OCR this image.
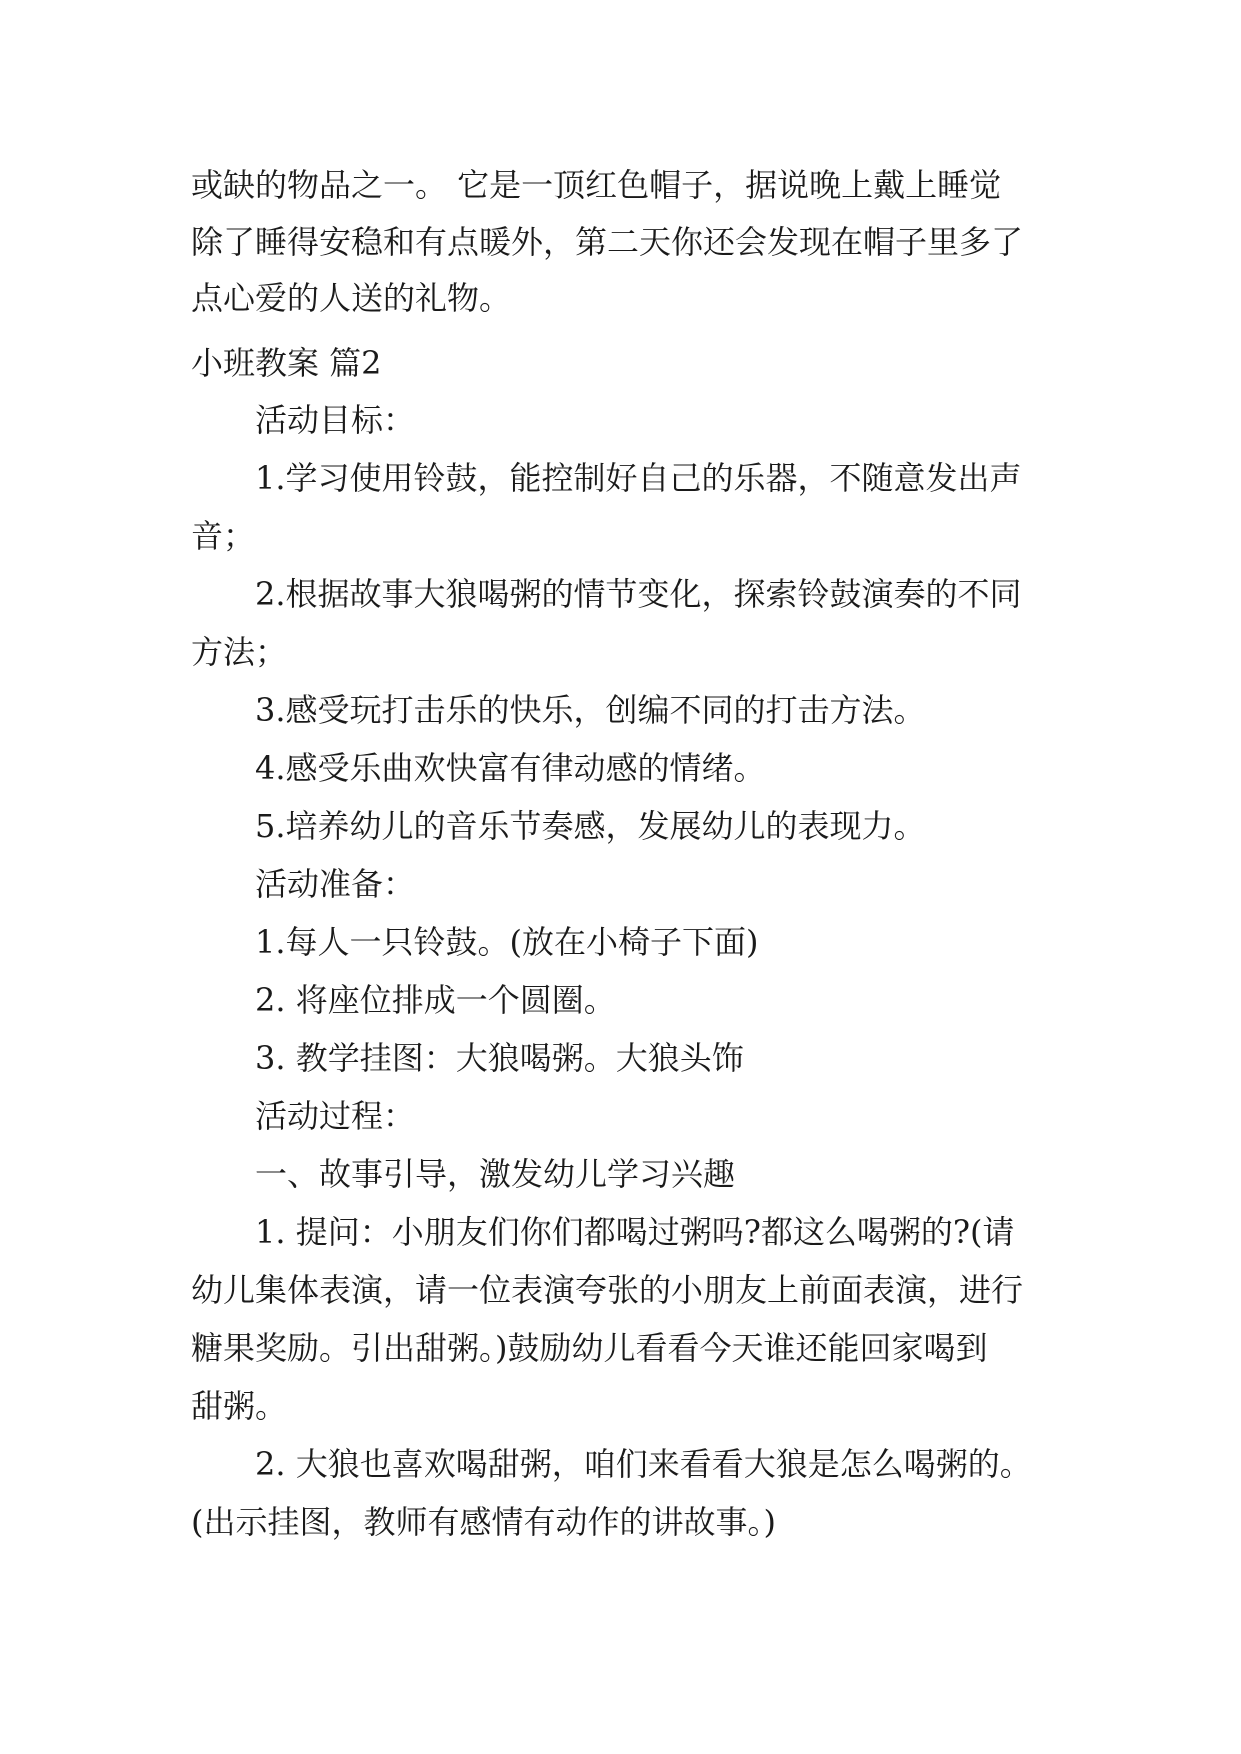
或缺的物品之一。 它是一顶红色帽子，据说晚上戴上睡觉
除了睡得安稳和有点暖外，第二天你还会发现在帽子里多了
点心爱的人送的礼物。
小班教案 篇2
活动目标：
1.学习使用铃鼓，能控制好自己的乐器，不随意发出声
音；
2.根据故事大狼喝粥的情节变化，探索铃鼓演奏的不同
方法；
3.感受玩打击乐的快乐，创编不同的打击方法。
4.感受乐曲欢快富有律动感的情绪。
5.培养幼儿的音乐节奏感，发展幼儿的表现力。
活动准备：
1.每人一只铃鼓。(放在小椅子下面)
2. 将座位排成一个圆圈。
3. 教学挂图：大狼喝粥。大狼头饰
活动过程：
一、故事引导，激发幼儿学习兴趣
1. 提问：小朋友们你们都喝过粥吗?都这么喝粥的?(请
幼儿集体表演，请一位表演夸张的小朋友上前面表演，进行
糖果奖励。引出甜粥。)鼓励幼儿看看今天谁还能回家喝到
甜粥。
2. 大狼也喜欢喝甜粥，咱们来看看大狼是怎么喝粥的。
(出示挂图，教师有感情有动作的讲故事。)
